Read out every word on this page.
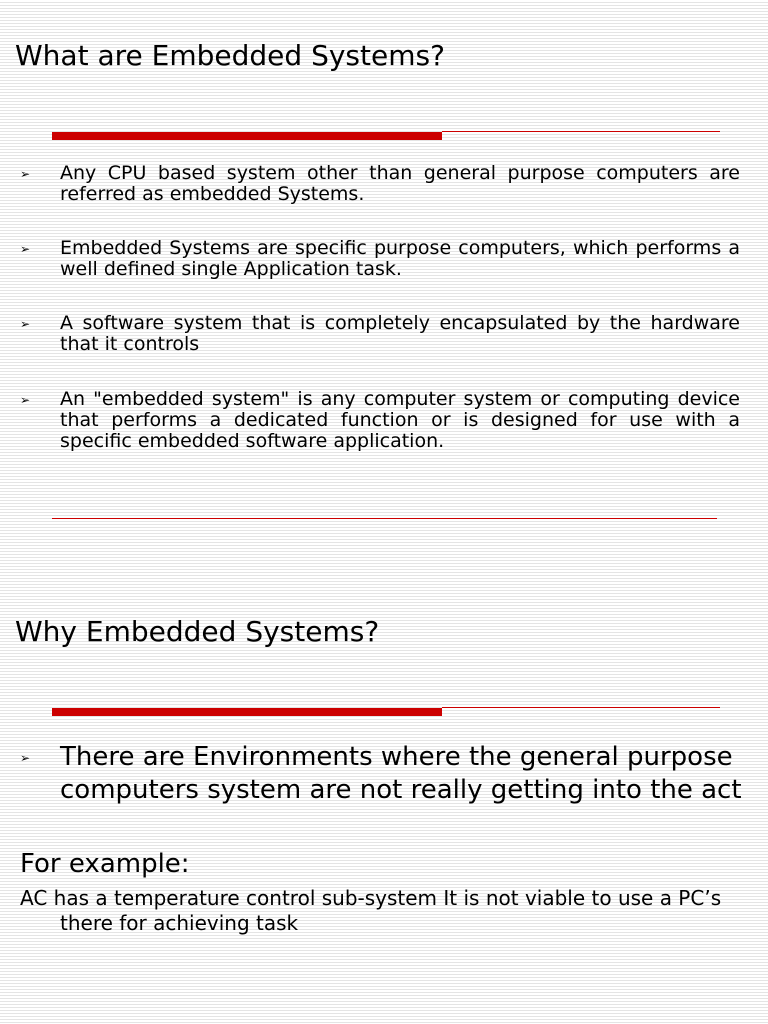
What are Embedded Systems?
➢ Any CPU based system other than general purpose computers are referred as embedded Systems.
➢ Embedded Systems are specific purpose computers, which performs a well defined single Application task.
➢ A software system that is completely encapsulated by the hardware that it controls
➢ An "embedded system" is any computer system or computing device that performs a dedicated function or is designed for use with a specific embedded software application.
Why Embedded Systems?
➢ There are Environments where the general purpose computers system are not really getting into the act
For example:
AC has a temperature control sub-system It is not viable to use a PC’s there for achieving task
